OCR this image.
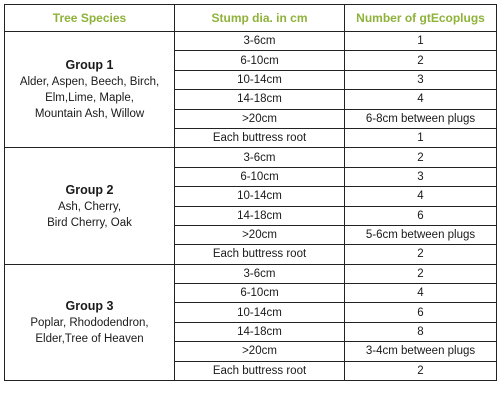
Tree Species	Stump dia. in cm	Number of gtEcoplugs

Group 1
Alder, Aspen, Beech, Birch,
Elm,Lime, Maple,
Mountain Ash, Willow	3-6cm	1
	6-10cm	2
	10-14cm	3
	14-18cm	4
	>20cm	6-8cm between plugs
	Each buttress root	1

Group 2
Ash, Cherry,
Bird Cherry, Oak	3-6cm	2
	6-10cm	3
	10-14cm	4
	14-18cm	6
	>20cm	5-6cm between plugs
	Each buttress root	2

Group 3
Poplar, Rhododendron,
Elder,Tree of Heaven	3-6cm	2
	6-10cm	4
	10-14cm	6
	14-18cm	8
	>20cm	3-4cm between plugs
	Each buttress root	2
